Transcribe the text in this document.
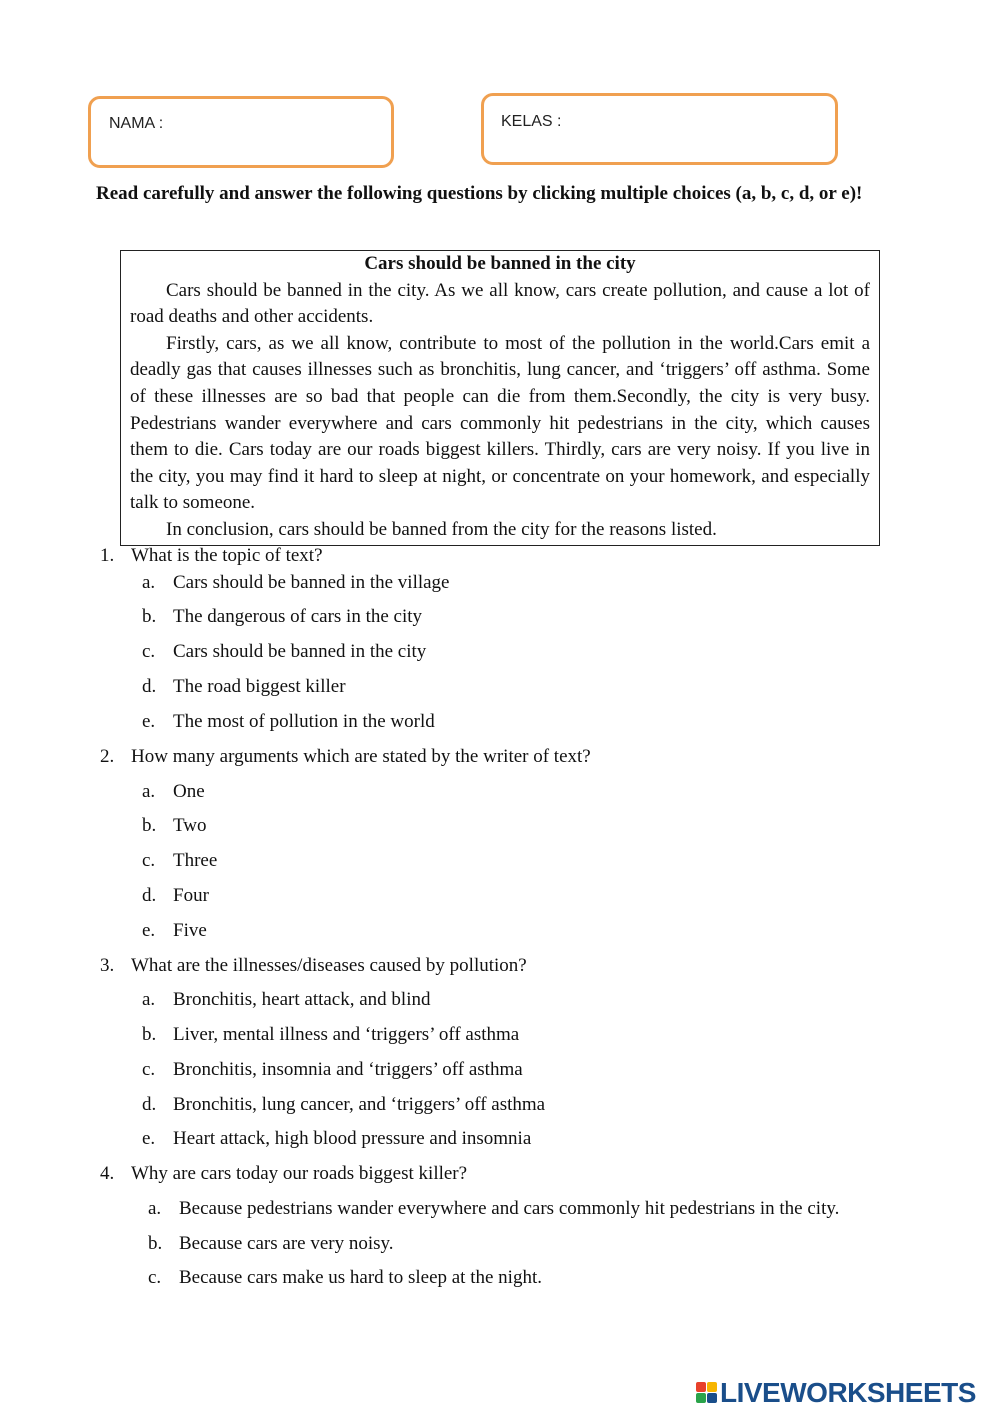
NAMA :	KELAS :
Read carefully and answer the following questions by clicking multiple choices (a, b, c, d, or e)!
Cars should be banned in the city

Cars should be banned in the city. As we all know, cars create pollution, and cause a lot of road deaths and other accidents.

Firstly, cars, as we all know, contribute to most of the pollution in the world.Cars emit a deadly gas that causes illnesses such as bronchitis, lung cancer, and ‘triggers’ off asthma. Some of these illnesses are so bad that people can die from them.Secondly, the city is very busy. Pedestrians wander everywhere and cars commonly hit pedestrians in the city, which causes them to die. Cars today are our roads biggest killers. Thirdly, cars are very noisy. If you live in the city, you may find it hard to sleep at night, or concentrate on your homework, and especially talk to someone.

In conclusion, cars should be banned from the city for the reasons listed.

1. What is the topic of text?
a. Cars should be banned in the village
b. The dangerous of cars in the city
c. Cars should be banned in the city
d. The road biggest killer
e. The most of pollution in the world
2. How many arguments which are stated by the writer of text?
a. One
b. Two
c. Three
d. Four
e. Five
3. What are the illnesses/diseases caused by pollution?
a. Bronchitis, heart attack, and blind
b. Liver, mental illness and ‘triggers’ off asthma
c. Bronchitis, insomnia and ‘triggers’ off asthma
d. Bronchitis, lung cancer, and ‘triggers’ off asthma
e. Heart attack, high blood pressure and insomnia
4. Why are cars today our roads biggest killer?
a. Because pedestrians wander everywhere and cars commonly hit pedestrians in the city.
b. Because cars are very noisy.
c. Because cars make us hard to sleep at the night.
LIVEWORKSHEETS
